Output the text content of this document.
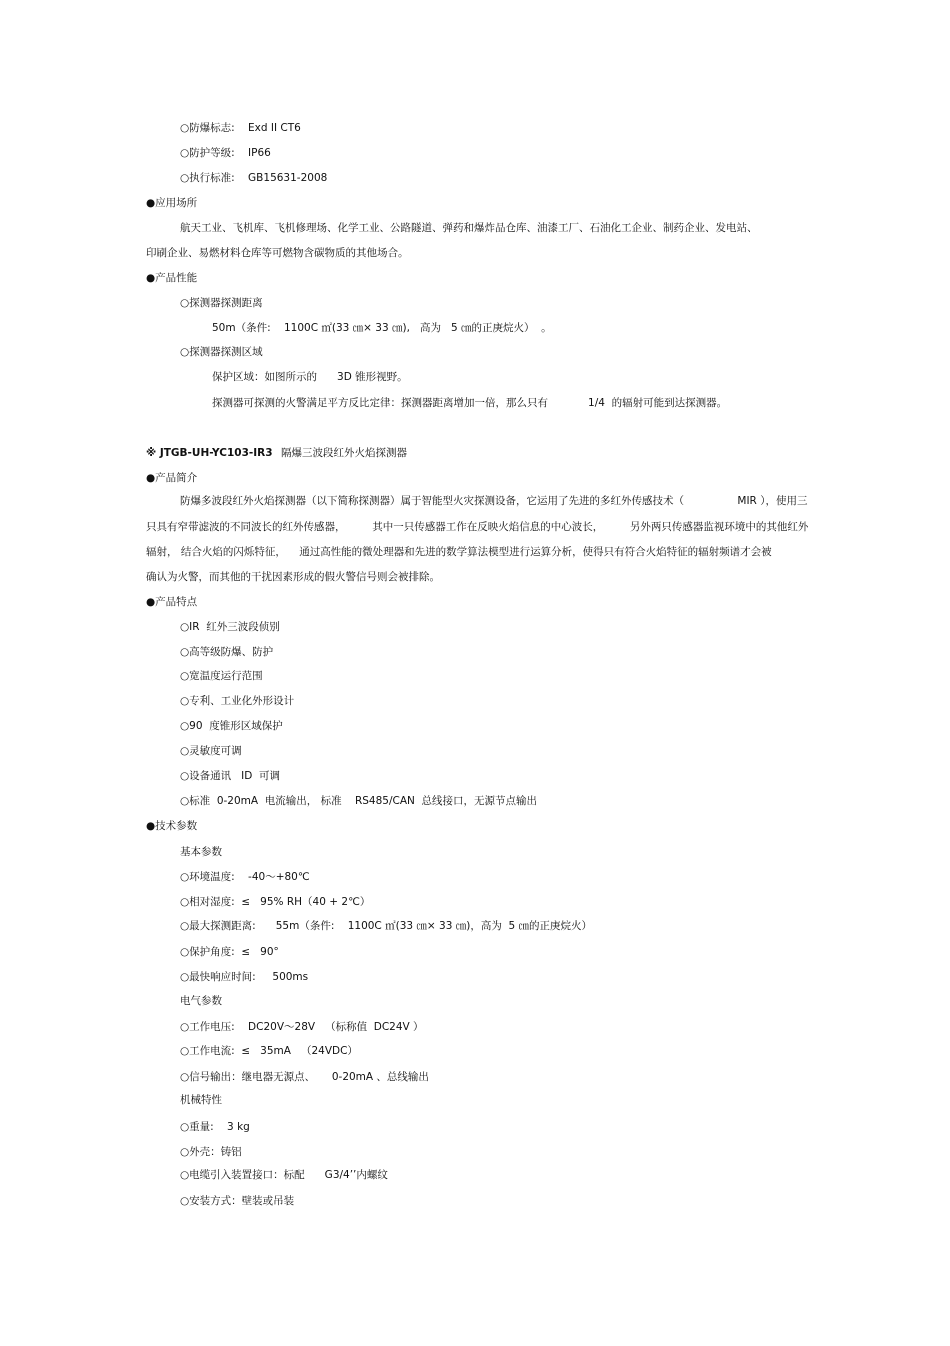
○防爆标志:    Exd II CT6
○防护等级:    IP66
○执行标准:    GB15631-2008
●应用场所
航天工业、飞机库、飞机修理场、化学工业、公路隧道、弹药和爆炸品仓库、油漆工厂、石油化工企业、制药企业、发电站、
印刷企业、易燃材料仓库等可燃物含碳物质的其他场合。
●产品性能
○探测器探测距离
50m（条件:    1100C ㎡(33 ㎝× 33 ㎝),   高为   5 ㎝的正庚烷火）  。
○探测器探测区域
保护区域：如图所示的      3D 锥形视野。
探测器可探测的火警满足平方反比定律：探测器距离增加一倍，那么只有            1/4  的辐射可能到达探测器。
※ JTGB-UH-YC103-IR3 隔爆三波段红外火焰探测器
●产品简介
防爆多波段红外火焰探测器（以下简称探测器）属于智能型火灾探测设备，它运用了先进的多红外传感技术（                MIR ），使用三
只具有窄带滤波的不同波长的红外传感器，        其中一只传感器工作在反映火焰信息的中心波长，        另外两只传感器监视环境中的其他红外
辐射， 结合火焰的闪烁特征，    通过高性能的微处理器和先进的数学算法模型进行运算分析，使得只有符合火焰特征的辐射频谱才会被
确认为火警，而其他的干扰因素形成的假火警信号则会被排除。
●产品特点
○IR  红外三波段侦别
○高等级防爆、防护
○宽温度运行范围
○专利、工业化外形设计
○90  度锥形区域保护
○灵敏度可调
○设备通讯   ID  可调
○标准  0-20mA  电流输出， 标准    RS485/CAN  总线接口，无源节点输出
●技术参数
基本参数
○环境温度:    -40～+80℃
○相对湿度:  ≤   95% RH（40 + 2℃）
○最大探测距离:      55m（条件:    1100C ㎡(33 ㎝× 33 ㎝)，高为  5 ㎝的正庚烷火）
○保护角度:  ≤   90°
○最快响应时间:     500ms
电气参数
○工作电压:    DC20V～28V   （标称值  DC24V ）
○工作电流:  ≤   35mA   （24VDC）
○信号输出：继电器无源点、     0-20mA 、总线输出
机械特性
○重量:    3 kg
○外壳：铸铝
○电缆引入装置接口：标配      G3/4’’内螺纹
○安装方式：壁装或吊装
